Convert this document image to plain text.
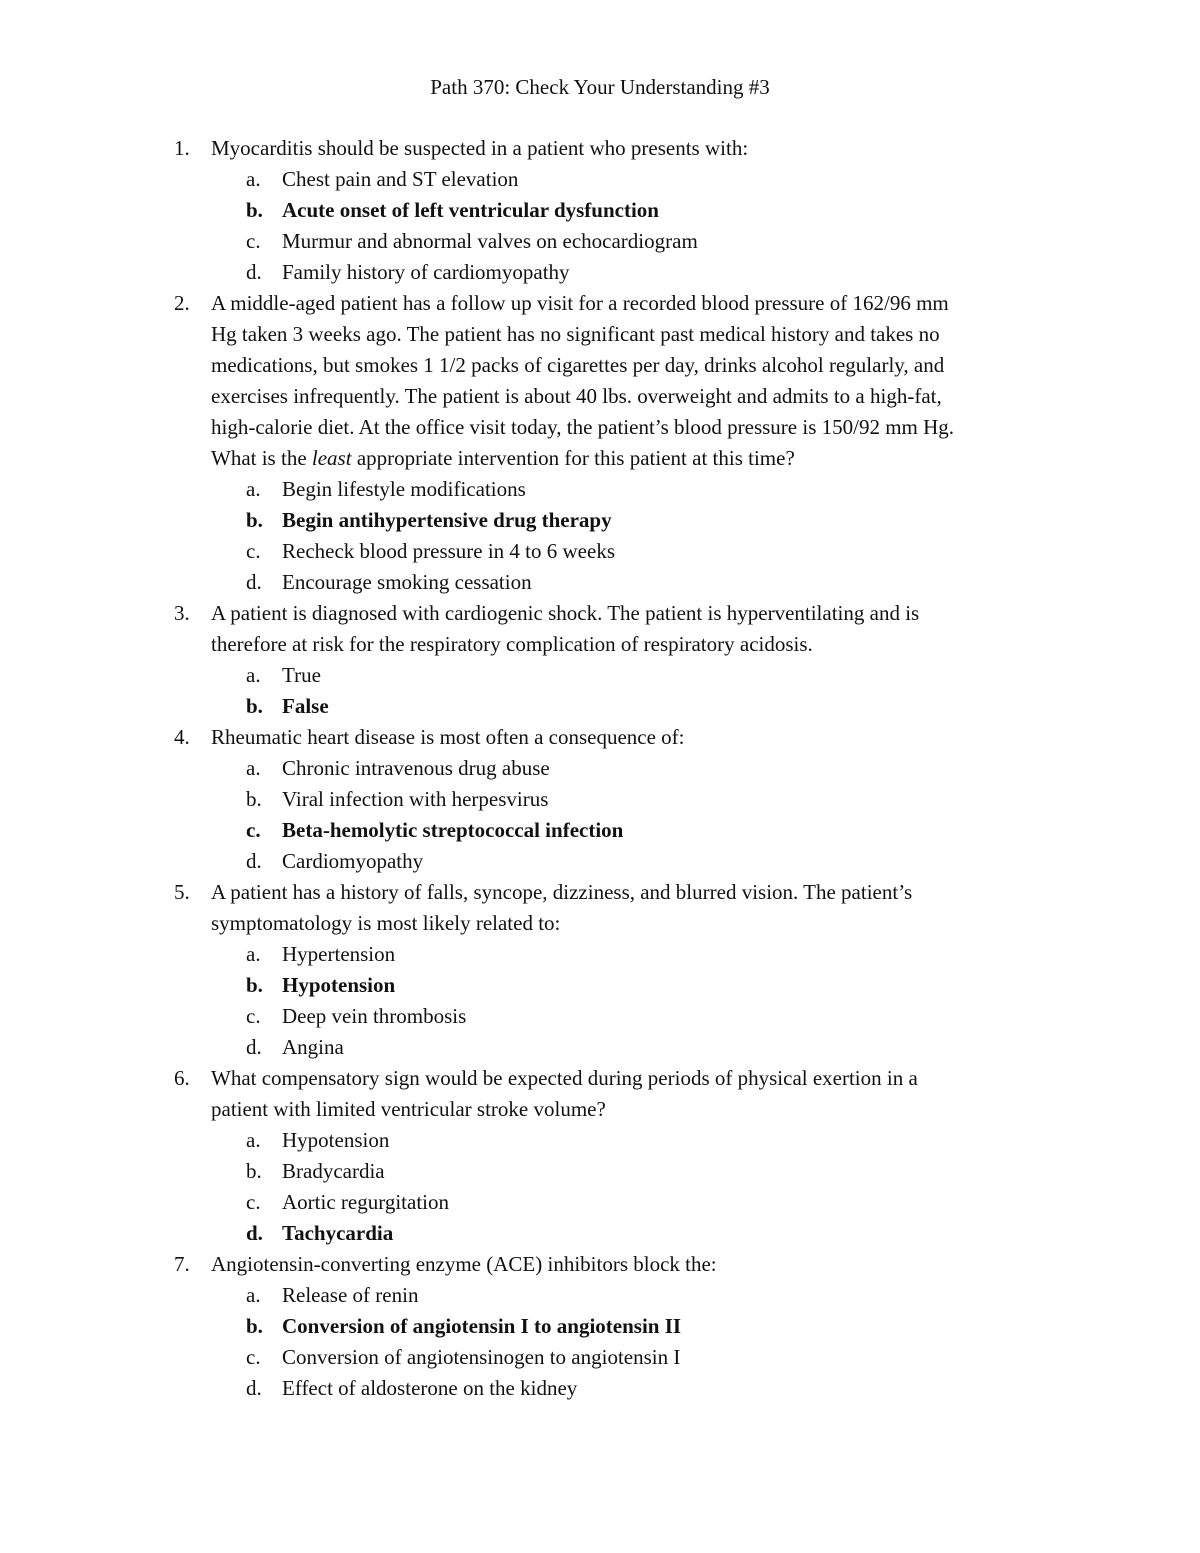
Path 370: Check Your Understanding #3
1. Myocarditis should be suspected in a patient who presents with:
a. Chest pain and ST elevation
b. Acute onset of left ventricular dysfunction
c. Murmur and abnormal valves on echocardiogram
d. Family history of cardiomyopathy
2. A middle-aged patient has a follow up visit for a recorded blood pressure of 162/96 mm
Hg taken 3 weeks ago. The patient has no significant past medical history and takes no
medications, but smokes 1 1/2 packs of cigarettes per day, drinks alcohol regularly, and
exercises infrequently. The patient is about 40 lbs. overweight and admits to a high-fat,
high-calorie diet. At the office visit today, the patient’s blood pressure is 150/92 mm Hg.
What is the least appropriate intervention for this patient at this time?
a. Begin lifestyle modifications
b. Begin antihypertensive drug therapy
c. Recheck blood pressure in 4 to 6 weeks
d. Encourage smoking cessation
3. A patient is diagnosed with cardiogenic shock. The patient is hyperventilating and is
therefore at risk for the respiratory complication of respiratory acidosis.
a. True
b. False
4. Rheumatic heart disease is most often a consequence of:
a. Chronic intravenous drug abuse
b. Viral infection with herpesvirus
c. Beta-hemolytic streptococcal infection
d. Cardiomyopathy
5. A patient has a history of falls, syncope, dizziness, and blurred vision. The patient’s
symptomatology is most likely related to:
a. Hypertension
b. Hypotension
c. Deep vein thrombosis
d. Angina
6. What compensatory sign would be expected during periods of physical exertion in a
patient with limited ventricular stroke volume?
a. Hypotension
b. Bradycardia
c. Aortic regurgitation
d. Tachycardia
7. Angiotensin-converting enzyme (ACE) inhibitors block the:
a. Release of renin
b. Conversion of angiotensin I to angiotensin II
c. Conversion of angiotensinogen to angiotensin I
d. Effect of aldosterone on the kidney
